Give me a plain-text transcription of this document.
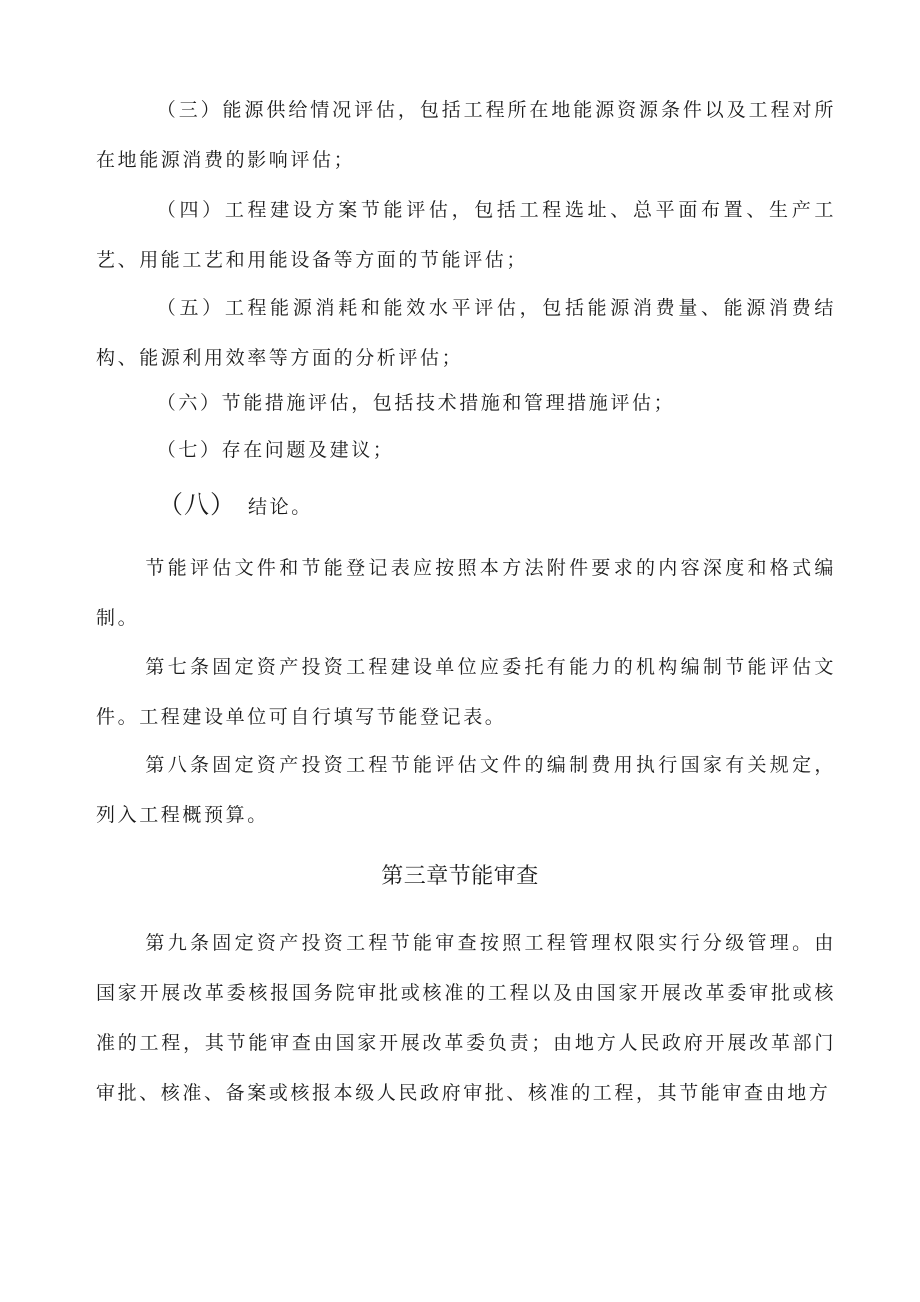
（三）能源供给情况评估，包括工程所在地能源资源条件以及工程对所在地能源消费的影响评估；

（四）工程建设方案节能评估，包括工程选址、总平面布置、生产工艺、用能工艺和用能设备等方面的节能评估；

（五）工程能源消耗和能效水平评估，包括能源消费量、能源消费结构、能源利用效率等方面的分析评估；

（六）节能措施评估，包括技术措施和管理措施评估；

（七）存在问题及建议；

（八） 结论。

节能评估文件和节能登记表应按照本方法附件要求的内容深度和格式编制。

第七条固定资产投资工程建设单位应委托有能力的机构编制节能评估文件。工程建设单位可自行填写节能登记表。

第八条固定资产投资工程节能评估文件的编制费用执行国家有关规定，列入工程概预算。

第三章节能审查

第九条固定资产投资工程节能审查按照工程管理权限实行分级管理。由国家开展改革委核报国务院审批或核准的工程以及由国家开展改革委审批或核准的工程，其节能审查由国家开展改革委负责；由地方人民政府开展改革部门审批、核准、备案或核报本级人民政府审批、核准的工程，其节能审查由地方
